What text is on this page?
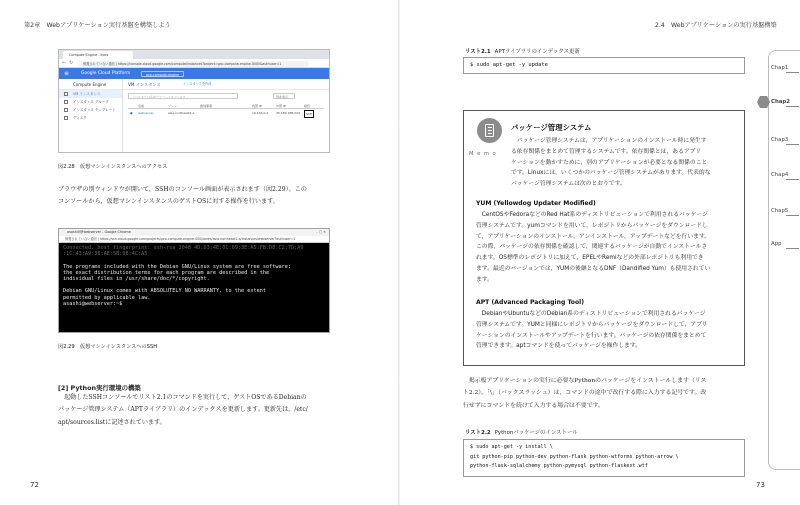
第2章　Webアプリケーション実行基盤を構築しよう
Compute Engine - kpcs
← ↻	保護されていない通信 | https://console.cloud.google.com/compute/instances?project=gcp-compute-engine-0000&authuser=1
≡	Google Cloud Platform	gcp-compute-engine
Compute Engine
VM インスタンス
インスタンス グループ
インスタンス テンプレート
ディスク
VM インスタンス	インスタンスを作成
ラベルまたは名前でリソースをフィルタ	列を表示
名前	ゾーン	推奨事項	内部 IP	外部 IP	接続
● webserver	asia-northeast1-a	10.146.0.2	35.189.188.234	SSH
図2.28　仮想マシンインスタンスへのアクセス
ブラウザの別ウィンドウが開いて，SSHのコンソール画面が表示されます（図2.29）。この
コンソールから，仮想マシンインスタンスのゲストOSに対する操作を行います。
asashi0@webserver - Google Chrome	– □ ✕
保護されていない通信 | https://ssh.cloud.google.com/projects/gcp-compute-engine-000/zones/asia-northeast1-a/instances/webserver?authuser=1
Connected, host fingerprint: ssh-rsa 2048 4D:D3:4E:0C:09:3E:A5:FB:DB:C2:7D:A9
:1C:43:A9:36:AE:5B:98:4C:A5

The programs included with the Debian GNU/Linux system are free software;
the exact distribution terms for each program are described in the
individual files in /usr/share/doc/*/copyright.

Debian GNU/Linux comes with ABSOLUTELY NO WARRANTY, to the extent
permitted by applicable law.
asashi@webserver:~$
図2.29　仮想マシンインスタンスへのSSH
[2] Python実行環境の構築
　起動したSSHコンソールでリスト2.1のコマンドを実行して，ゲストOSであるDebianの
パッケージ管理システム（APTライブラリ）のインデックスを更新します。更新先は，/etc/
apt/sources.listに記述されています。
72
2.4　Webアプリケーションの実行基盤構築
73
リスト2.1 APTライブラリのインデックス更新
$ sudo apt-get -y update
Memo
パッケージ管理システム
　パッケージ管理システムは，アプリケーションのインストール時に発生す
る依存関係をまとめて管理するシステムです。依存関係とは，あるアプリ
ケーションを動かすために，別のアプリケーションが必要となる関係のこと
です。Linuxには，いくつかのパッケージ管理システムがあります。代表的な
パッケージ管理システムは次のとおりです。
YUM (Yellowdog Updater Modified)
　CentOSやFedoraなどのRed Hat系のディストリビューションで利用されるパッケージ
管理システムです。yumコマンドを用いて，レポジトリからパッケージをダウンロードし
て，アプリケーションのインストール，アンインストール，アップデートなどを行います。
この際，パッケージの依存関係を確認して，関連するパッケージが自動でインストールさ
れます。OS標準のレポジトリに加えて，EPELやRemiなどの外部レポジトリも利用でき
ます。最近のバージョンでは，YUMの後継となるDNF（Dandified Yum）も使用されてい
ます。
APT (Advanced Packaging Tool)
　DebianやUbuntuなどのDebian系のディストリビューションで利用されるパッケージ
管理システムです。YUMと同様にレポジトリからパッケージをダウンロードして，アプリ
ケーションのインストールやアップデートを行います。パッケージの依存関係をまとめて
管理できます。aptコマンドを使ってパッケージを操作します。
　掲示板アプリケーションの実行に必要なPythonのパッケージをインストールします（リス
ト2.2）。「\」（バックスラッシュ）は，コマンドの途中で改行する際に入力する記号です。改
行せずにコマンドを続けて入力する場合は不要です。
リスト2.2 Pythonパッケージのインストール
$ sudo apt-get -y install \
git python-pip python-dev python-flask python-wtforms python-arrow \
python-flask-sqlalchemy python-pymysql python-flaskext.wtf
Chap1
Chap2
Chap3
Chap4
Chap5
App
